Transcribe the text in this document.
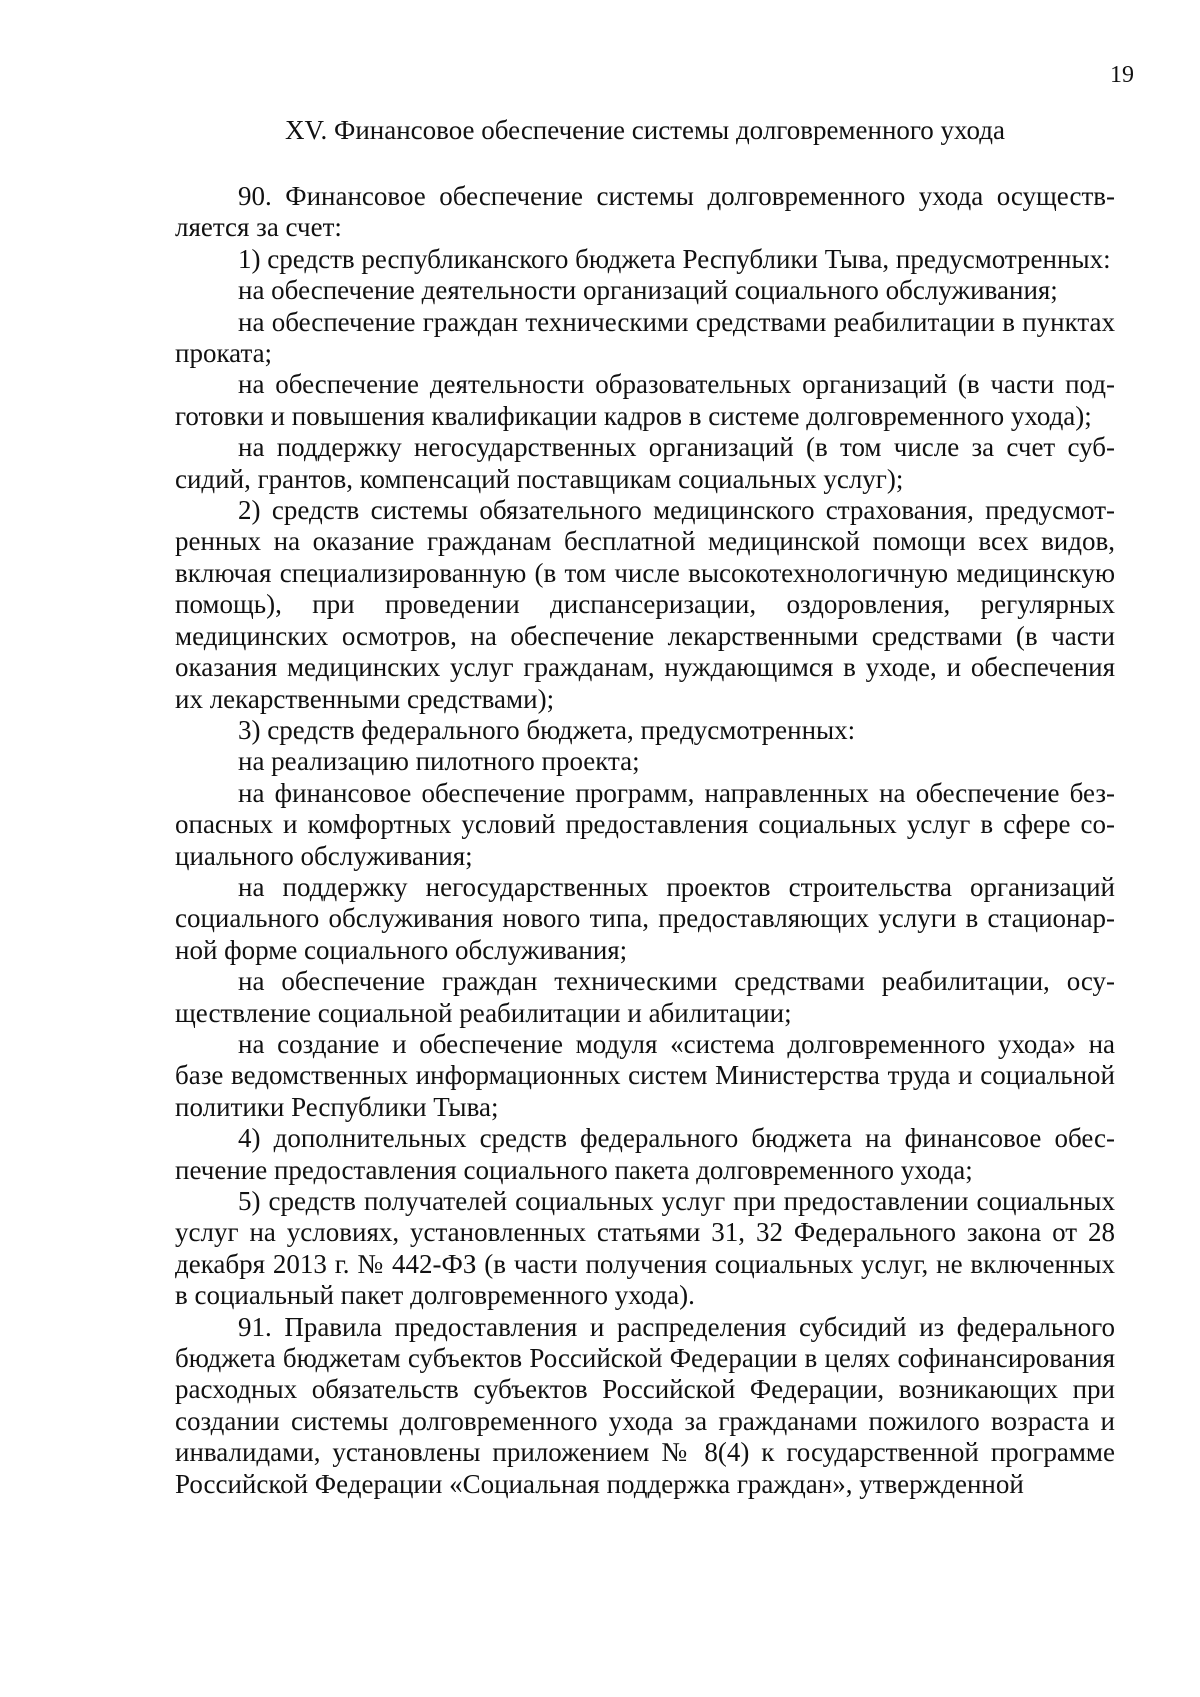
19
XV. Финансовое обеспечение системы долговременного ухода

90. Финансовое обеспечение системы долговременного ухода осуществляется за счет:

1) средств республиканского бюджета Республики Тыва, предусмотренных:

на обеспечение деятельности организаций социального обслуживания;

на обеспечение граждан техническими средствами реабилитации в пунктах проката;

на обеспечение деятельности образовательных организаций (в части подготовки и повышения квалификации кадров в системе долговременного ухода);

на поддержку негосударственных организаций (в том числе за счет субсидий, грантов, компенсаций поставщикам социальных услуг);

2) средств системы обязательного медицинского страхования, предусмотренных на оказание гражданам бесплатной медицинской помощи всех видов, включая специализированную (в том числе высокотехнологичную медицинскую помощь), при проведении диспансеризации, оздоровления, регулярных медицинских осмотров, на обеспечение лекарственными средствами (в части оказания медицинских услуг гражданам, нуждающимся в уходе, и обеспечения их лекарственными средствами);

3) средств федерального бюджета, предусмотренных:

на реализацию пилотного проекта;

на финансовое обеспечение программ, направленных на обеспечение безопасных и комфортных условий предоставления социальных услуг в сфере социального обслуживания;

на поддержку негосударственных проектов строительства организаций социального обслуживания нового типа, предоставляющих услуги в стационарной форме социального обслуживания;

на обеспечение граждан техническими средствами реабилитации, осуществление социальной реабилитации и абилитации;

на создание и обеспечение модуля «система долговременного ухода» на базе ведомственных информационных систем Министерства труда и социальной политики Республики Тыва;

4) дополнительных средств федерального бюджета на финансовое обеспечение предоставления социального пакета долговременного ухода;

5) средств получателей социальных услуг при предоставлении социальных услуг на условиях, установленных статьями 31, 32 Федерального закона от 28 декабря 2013 г. № 442-ФЗ (в части получения социальных услуг, не включенных в социальный пакет долговременного ухода).

91. Правила предоставления и распределения субсидий из федерального бюджета бюджетам субъектов Российской Федерации в целях софинансирования расходных обязательств субъектов Российской Федерации, возникающих при создании системы долговременного ухода за гражданами пожилого возраста и инвалидами, установлены приложением № 8(4) к государственной программе Российской Федерации «Социальная поддержка граждан», утвержденной
